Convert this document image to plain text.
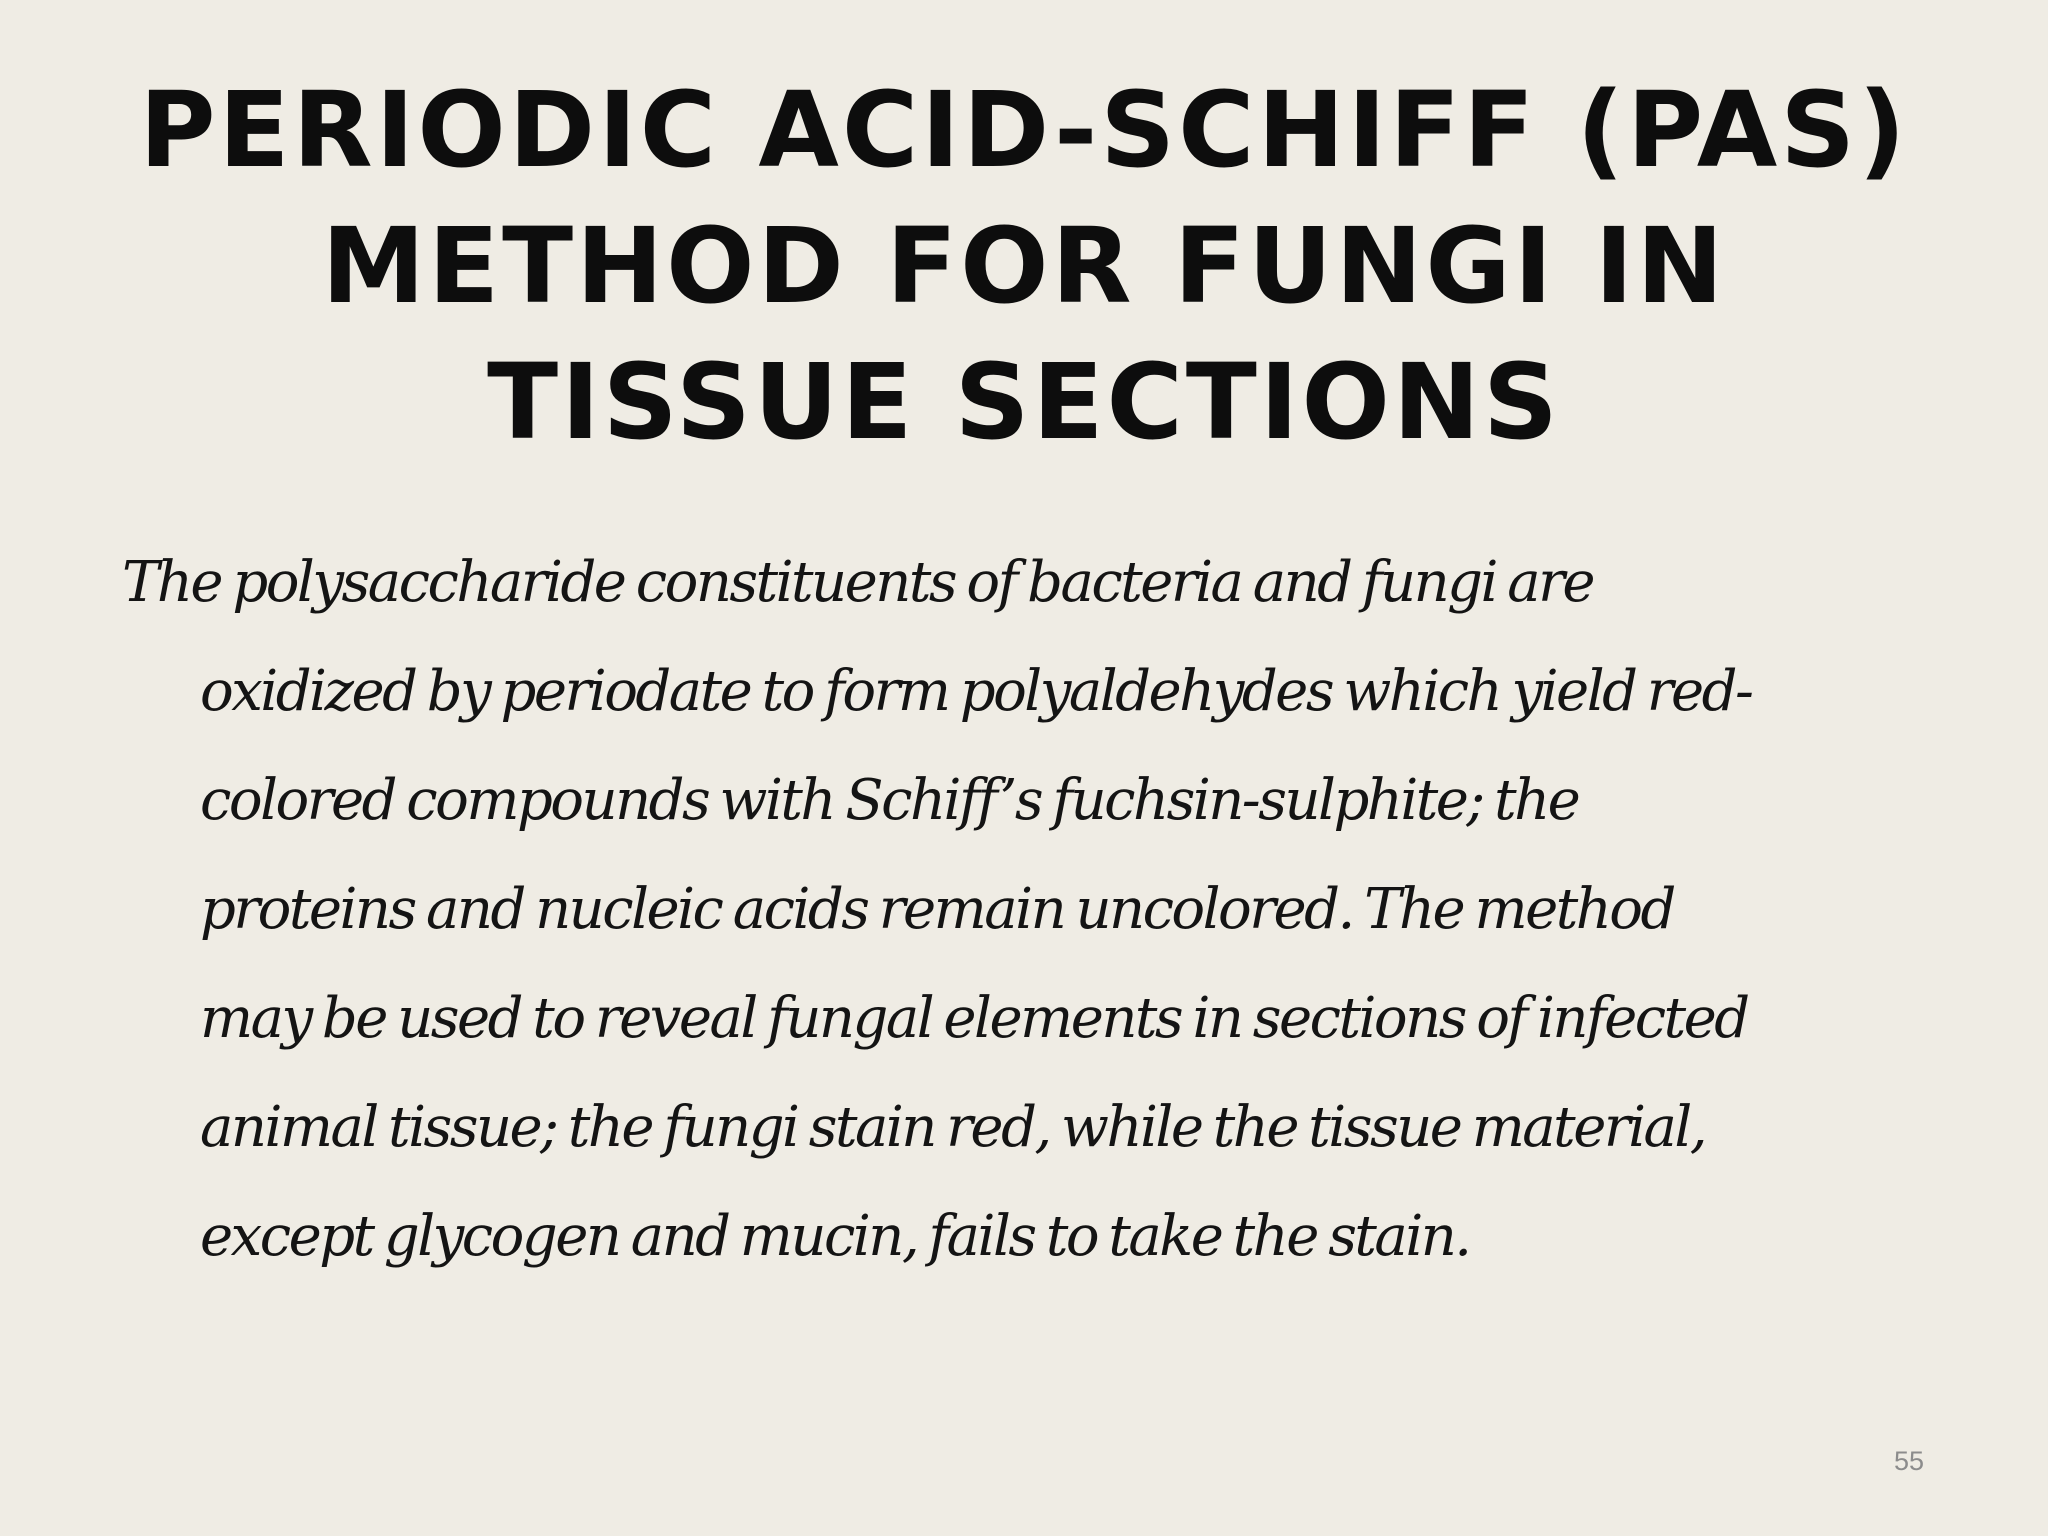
PERIODIC ACID-SCHIFF (PAS)
METHOD FOR FUNGI IN
TISSUE SECTIONS

The polysaccharide constituents of bacteria and fungi are
oxidized by periodate to form polyaldehydes which yield red-
colored compounds with Schiff’s fuchsin-sulphite; the
proteins and nucleic acids remain uncolored. The method
may be used to reveal fungal elements in sections of infected
animal tissue; the fungi stain red, while the tissue material,
except glycogen and mucin, fails to take the stain.

55
